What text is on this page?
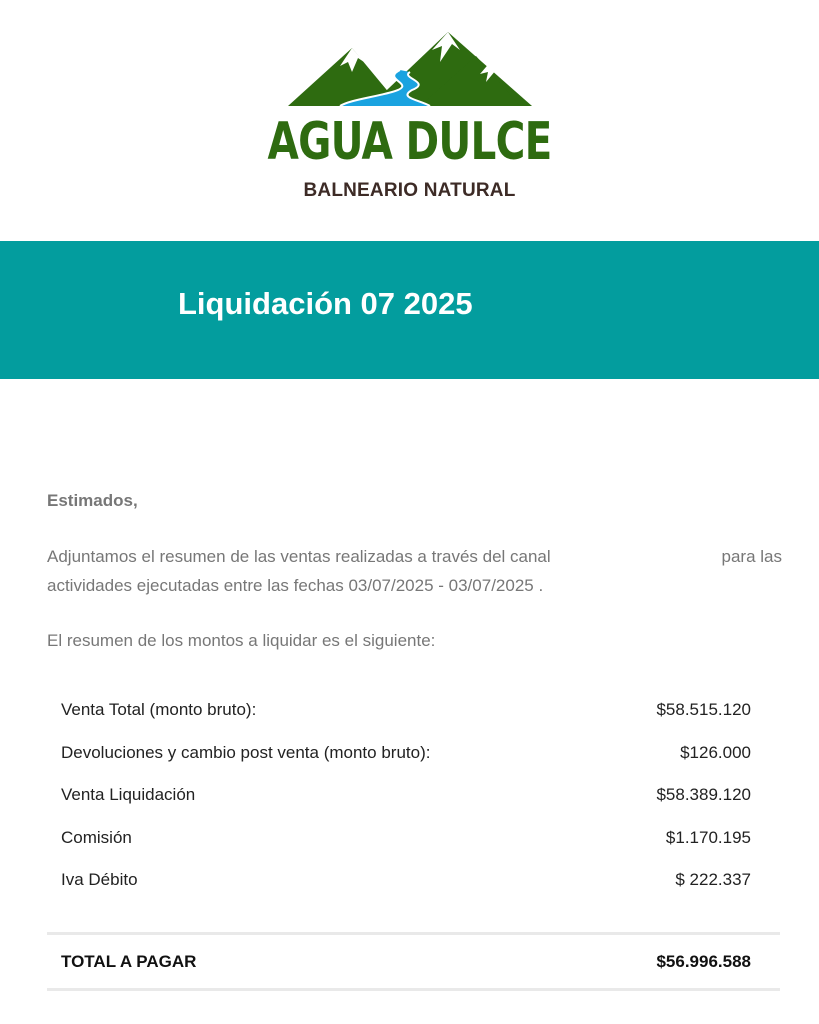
AGUA DULCE
BALNEARIO NATURAL
Liquidación 07 2025
Estimados,
Adjuntamos el resumen de las ventas realizadas a través del canal	para las
actividades ejecutadas entre las fechas 03/07/2025 - 03/07/2025 .
El resumen de los montos a liquidar es el siguiente:
Venta Total (monto bruto):	$58.515.120
Devoluciones y cambio post venta (monto bruto):	$126.000
Venta Liquidación	$58.389.120
Comisión	$1.170.195
Iva Débito	$ 222.337
TOTAL A PAGAR	$56.996.588
